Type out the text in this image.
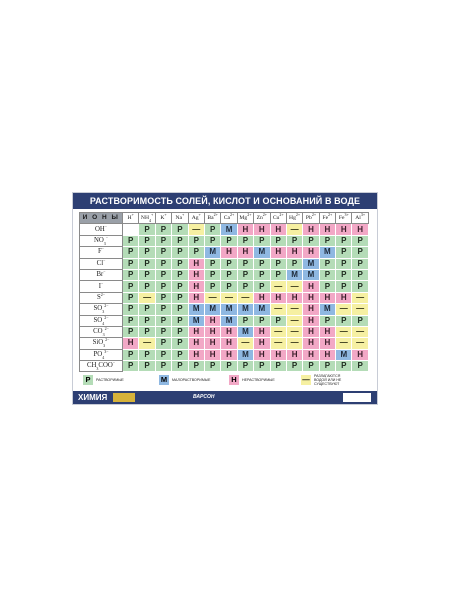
РАСТВОРИМОСТЬ СОЛЕЙ, КИСЛОТ И ОСНОВАНИЙ В ВОДЕ
И О Н Ы	H+	NH4+	K+	Na+	Ag+	$Ba^{2+}$	$Ca^{2+}$	$Mg^{2+}$	$Zn^{2+}$	$Cu^{2+}$	$Hg^{2+}$	$Pb^{2+}$	$Fe^{2+}$	$Fe^{3+}$	$Al^{3+}$
OH−		Р	Р	Р	—	Р	М	Н	Н	Н	—	Н	Н	Н	Н
NO3−	Р	Р	Р	Р	Р	Р	Р	Р	Р	Р	Р	Р	Р	Р	Р
F−	Р	Р	Р	Р	Р	М	Н	Н	М	Н	Н	Н	М	Р	Р
Cl−	Р	Р	Р	Р	Н	Р	Р	Р	Р	Р	Р	М	Р	Р	Р
Br−	Р	Р	Р	Р	Н	Р	Р	Р	Р	Р	М	М	Р	Р	Р
I−	Р	Р	Р	Р	Н	Р	Р	Р	Р	—	—	Н	Р	Р	Р
$S^{2-}$	Р	—	Р	Р	Н	—	—	—	Н	Н	Н	Н	Н	Н	—
$SO3^{2-}$	Р	Р	Р	Р	М	М	М	М	М	—	—	Н	М	—	—
$SO4^{2-}$	Р	Р	Р	Р	М	Н	М	Р	Р	Р	—	Н	Р	Р	Р
$CO3^{2-}$	Р	Р	Р	Р	Н	Н	Н	М	Н	—	—	Н	Н	—	—
$SiO3^{2-}$	Н	—	Р	Р	Н	Н	Н	—	Н	—	—	Н	Н	—	—
$PO4^{3-}$	Р	Р	Р	Р	Н	Н	Н	М	Н	Н	Н	Н	Н	М	Н
CH3COO−	Р	Р	Р	Р	Р	Р	Р	Р	Р	Р	Р	Р	Р	Р	Р
Р	РАСТВОРИМЫЕ	М	МАЛОРАСТВОРИМЫЕ	Н	НЕРАСТВОРИМЫЕ	—	РАЗЛАГАЮТСЯ ВОДОЙ ИЛИ НЕ СУЩЕСТВУЮТ
ХИМИЯ	ВАРСОН
